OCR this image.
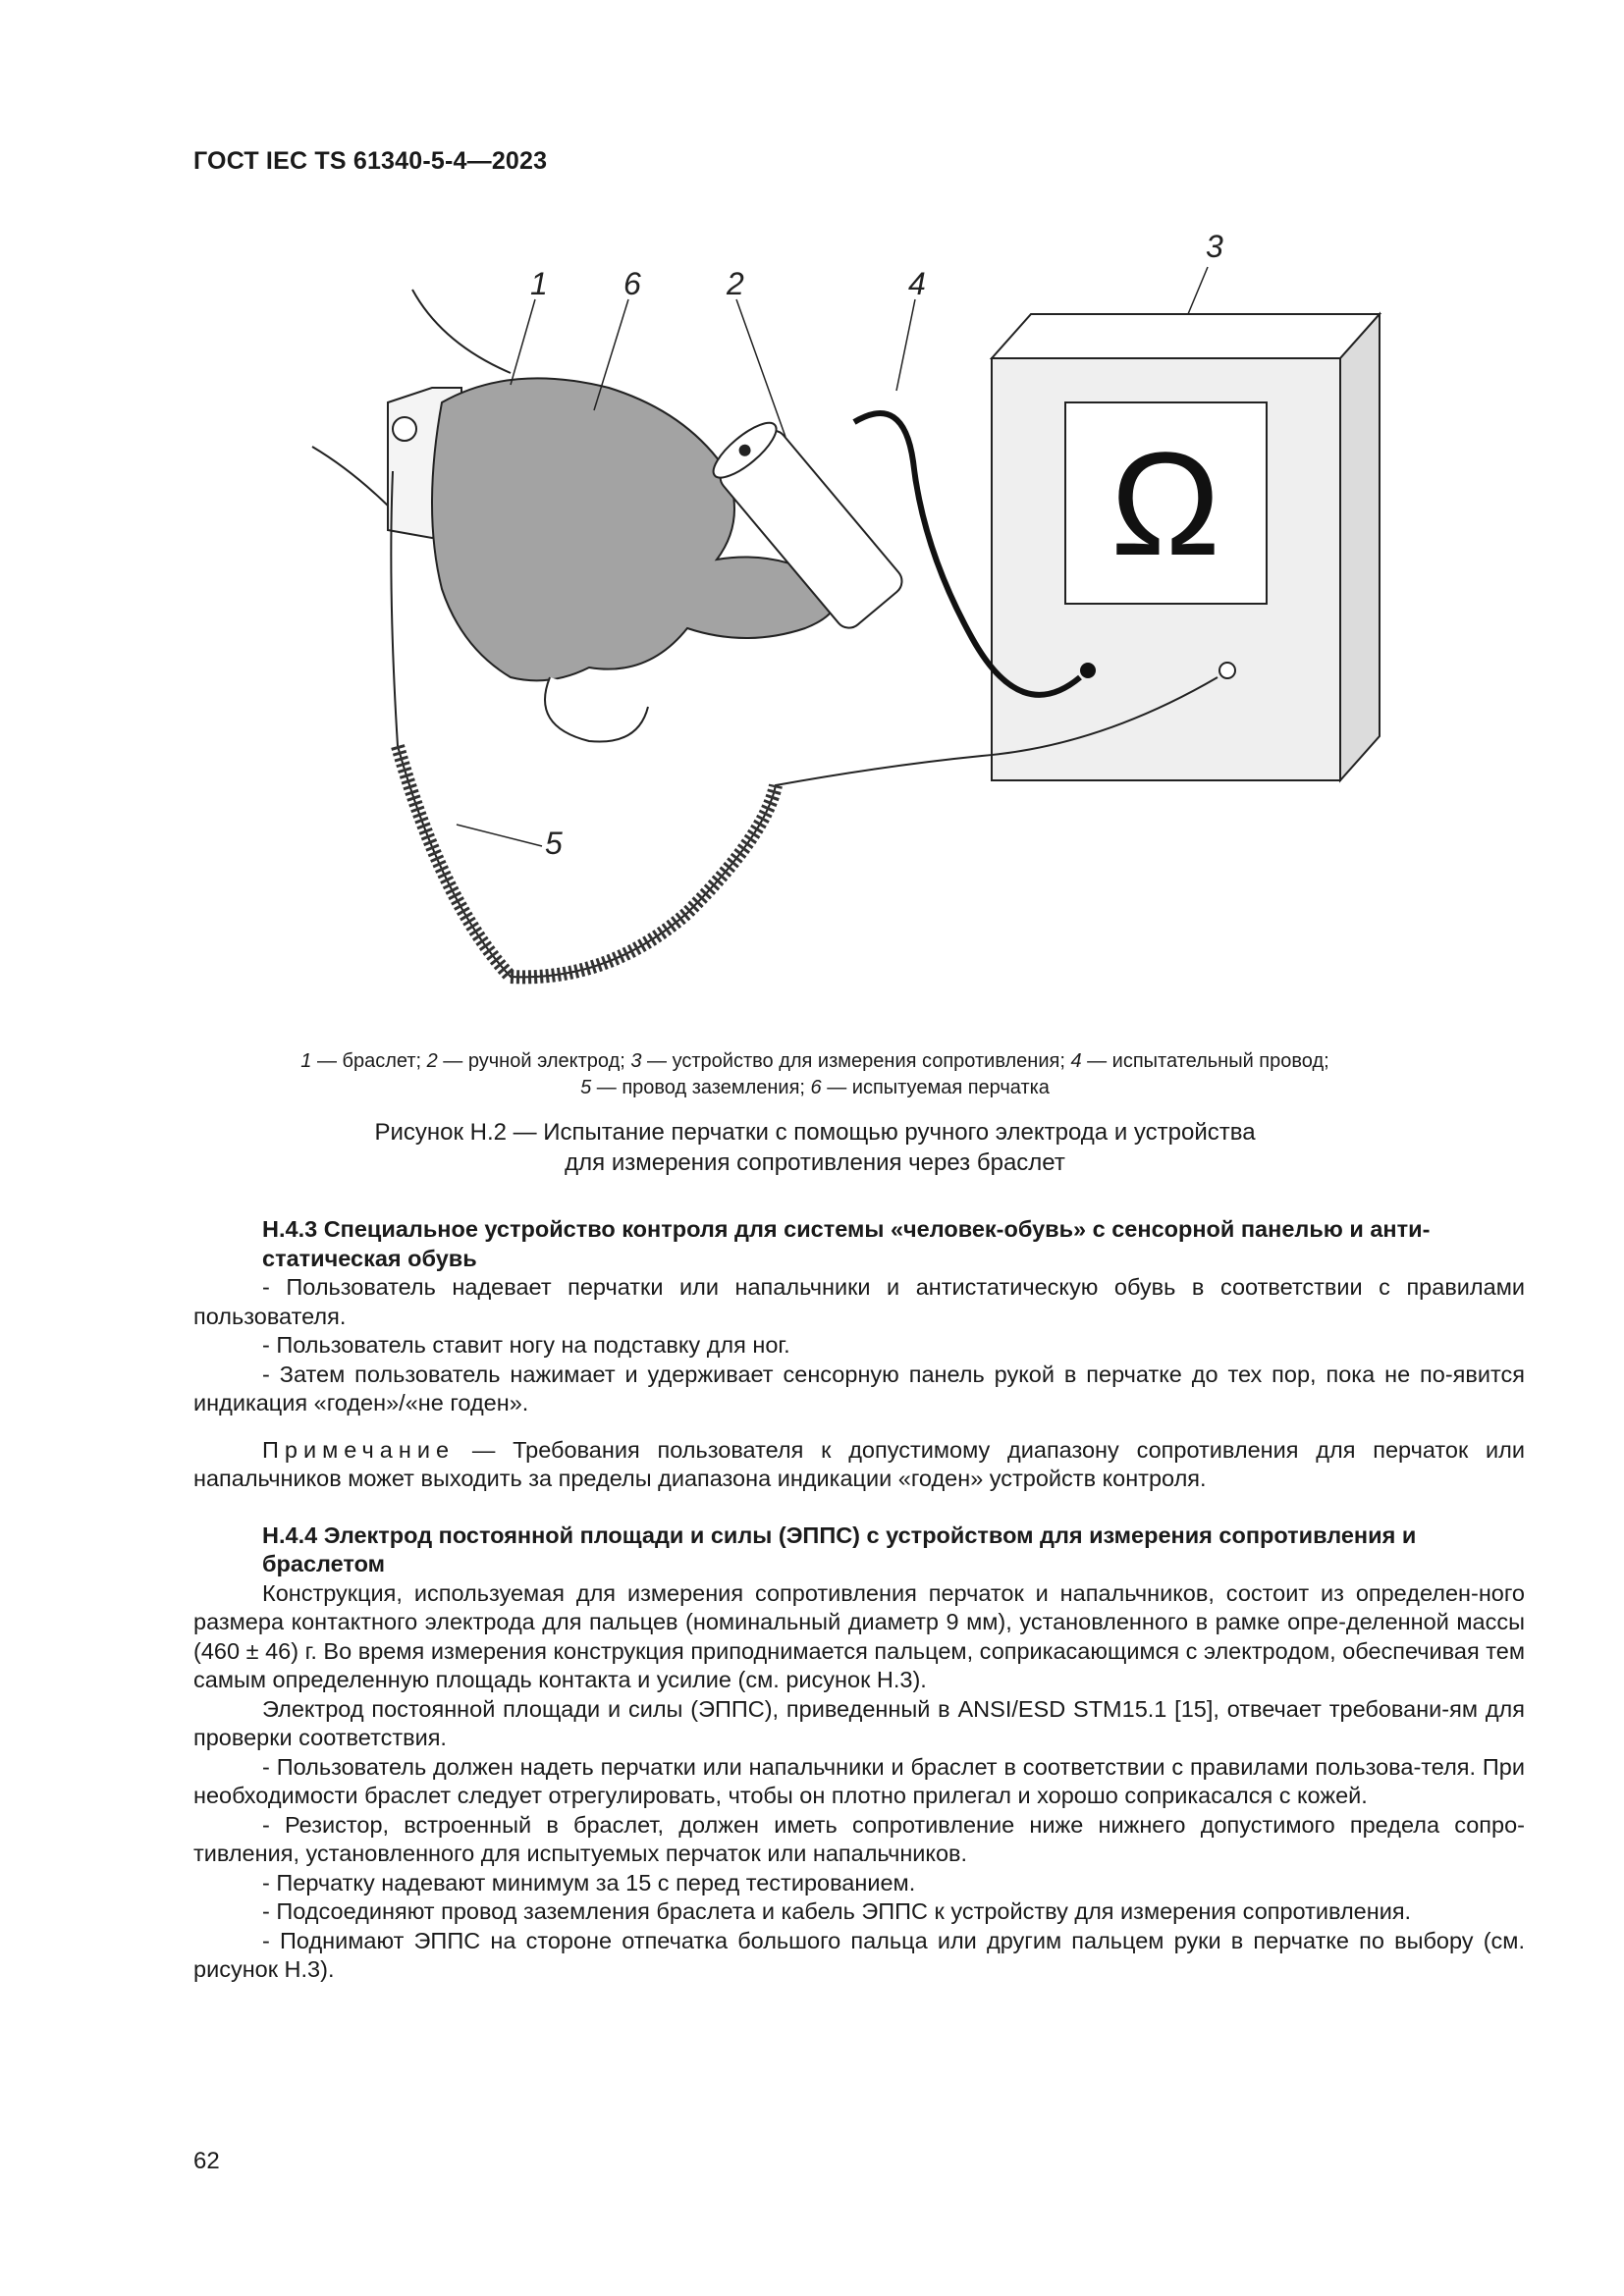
ГОСТ IEC TS 61340-5-4—2023
Ω
1 6	2	4
3
5
1 — браслет; 2 — ручной электрод; 3 — устройство для измерения сопротивления; 4 — испытательный провод;
5 — провод заземления; 6 — испытуемая перчатка
Рисунок H.2 — Испытание перчатки с помощью ручного электрода и устройства
для измерения сопротивления через браслет

H.4.3 Специальное устройство контроля для системы «человек-обувь» с сенсорной панелью и анти-статическая обувь

- Пользователь надевает перчатки или напальчники и антистатическую обувь в соответствии с правилами пользователя.

- Пользователь ставит ногу на подставку для ног.

- Затем пользователь нажимает и удерживает сенсорную панель рукой в перчатке до тех пор, пока не по-явится индикация «годен»/«не годен».

Примечание — Требования пользователя к допустимому диапазону сопротивления для перчаток или напальчников может выходить за пределы диапазона индикации «годен» устройств контроля.

H.4.4 Электрод постоянной площади и силы (ЭППС) с устройством для измерения сопротивления и браслетом

Конструкция, используемая для измерения сопротивления перчаток и напальчников, состоит из определен-ного размера контактного электрода для пальцев (номинальный диаметр 9 мм), установленного в рамке опре-деленной массы (460 ± 46) г. Во время измерения конструкция приподнимается пальцем, соприкасающимся с электродом, обеспечивая тем самым определенную площадь контакта и усилие (см. рисунок H.3).

Электрод постоянной площади и силы (ЭППС), приведенный в ANSI/ESD STM15.1 [15], отвечает требовани-ям для проверки соответствия.

- Пользователь должен надеть перчатки или напальчники и браслет в соответствии с правилами пользова-теля. При необходимости браслет следует отрегулировать, чтобы он плотно прилегал и хорошо соприкасался с кожей.

- Резистор, встроенный в браслет, должен иметь сопротивление ниже нижнего допустимого предела сопро-тивления, установленного для испытуемых перчаток или напальчников.

- Перчатку надевают минимум за 15 с перед тестированием.

- Подсоединяют провод заземления браслета и кабель ЭППС к устройству для измерения сопротивления.

- Поднимают ЭППС на стороне отпечатка большого пальца или другим пальцем руки в перчатке по выбору (см. рисунок H.3).

62
